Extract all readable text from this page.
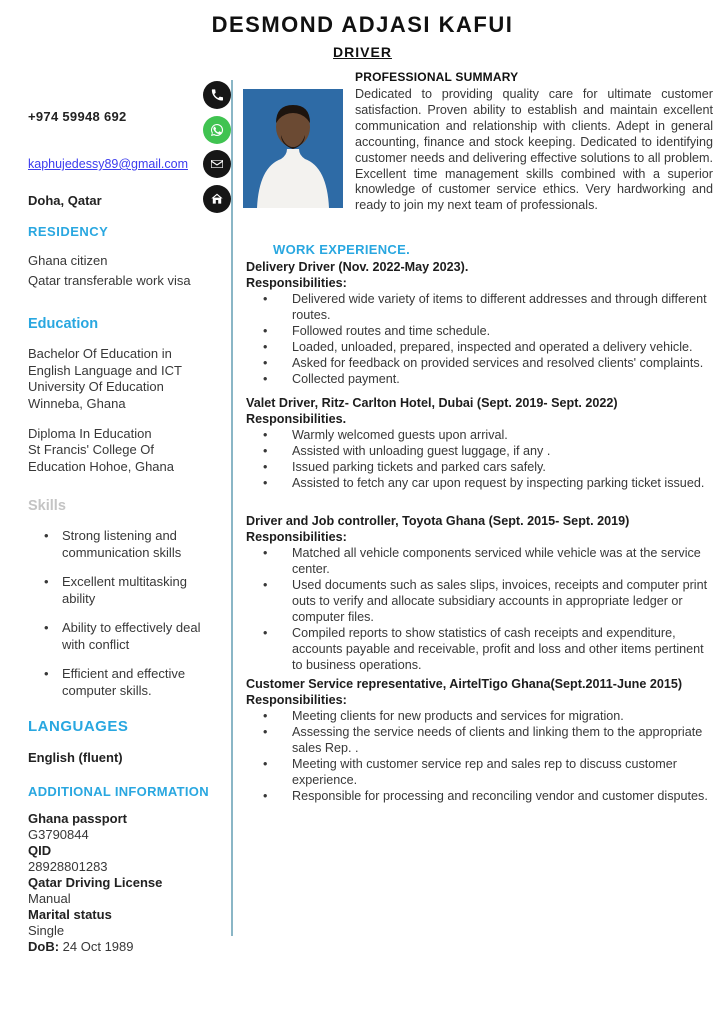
DESMOND ADJASI KAFUI
DRIVER
+974 59948 692
kaphujedessy89@gmail.com
Doha, Qatar
RESIDENCY
Ghana citizen
Qatar transferable work visa
Education
Bachelor Of Education in
English Language and ICT
University Of Education
Winneba, Ghana
Diploma In Education
St Francis' College Of
Education Hohoe, Ghana
Skills
• Strong listening and communication skills
• Excellent multitasking ability
• Ability to effectively deal with conflict
• Efficient and effective computer skills.
LANGUAGES
English (fluent)
ADDITIONAL INFORMATION
Ghana passport
G3790844
QID
28928801283
Qatar Driving License
Manual
Marital status
Single
DoB: 24 Oct 1989
PROFESSIONAL SUMMARY

Dedicated to providing quality care for ultimate customer satisfaction. Proven ability to establish and maintain excellent communication and relationship with clients. Adept in general accounting, finance and stock keeping. Dedicated to identifying customer needs and delivering effective solutions to all problem. Excellent time management skills combined with a superior knowledge of customer service ethics. Very hardworking and ready to join my next team of professionals.

WORK EXPERIENCE.
Delivery Driver (Nov. 2022-May 2023).
Responsibilities:
• Delivered wide variety of items to different addresses and through different routes.
• Followed routes and time schedule.
• Loaded, unloaded, prepared, inspected and operated a delivery vehicle.
• Asked for feedback on provided services and resolved clients' complaints.
• Collected payment.
Valet Driver, Ritz- Carlton Hotel, Dubai (Sept. 2019- Sept. 2022)
Responsibilities.
• Warmly welcomed guests upon arrival.
• Assisted with unloading guest luggage, if any .
• Issued parking tickets and parked cars safely.
• Assisted to fetch any car upon request by inspecting parking ticket issued.
Driver and Job controller, Toyota Ghana (Sept. 2015- Sept. 2019)
Responsibilities:
• Matched all vehicle components serviced while vehicle was at the service center.
• Used documents such as sales slips, invoices, receipts and computer print outs to verify and allocate subsidiary accounts in appropriate ledger or computer files.
• Compiled reports to show statistics of cash receipts and expenditure, accounts payable and receivable, profit and loss and other items pertinent to business operations.
Customer Service representative, AirtelTigo Ghana(Sept.2011-June 2015)
Responsibilities:
• Meeting clients for new products and services for migration.
• Assessing the service needs of clients and linking them to the appropriate sales Rep. .
• Meeting with customer service rep and sales rep to discuss customer experience.
• Responsible for processing and reconciling vendor and customer disputes.
